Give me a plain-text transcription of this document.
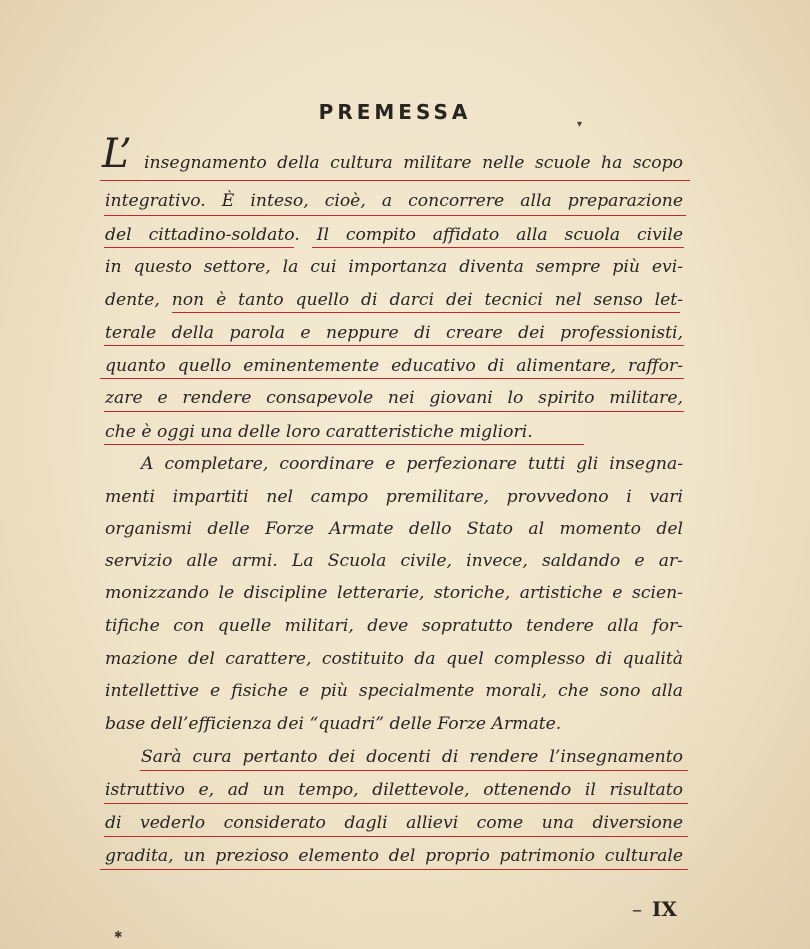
PREMESSA
L’ insegnamento della cultura militare nelle scuole ha scopo
integrativo. È inteso, cioè, a concorrere alla preparazione
del cittadino-soldato. Il compito affidato alla scuola civile
in questo settore, la cui importanza diventa sempre più evi-
dente, non è tanto quello di darci dei tecnici nel senso let-
terale della parola e neppure di creare dei professionisti,
quanto quello eminentemente educativo di alimentare, raffor-
zare e rendere consapevole nei giovani lo spirito militare,
che è oggi una delle loro caratteristiche migliori.
A completare, coordinare e perfezionare tutti gli insegna-
menti impartiti nel campo premilitare, provvedono i vari
organismi delle Forze Armate dello Stato al momento del
servizio alle armi. La Scuola civile, invece, saldando e ar-
monizzando le discipline letterarie, storiche, artistiche e scien-
tifiche con quelle militari, deve sopratutto tendere alla for-
mazione del carattere, costituito da quel complesso di qualità
intellettive e fisiche e più specialmente morali, che sono alla
base dell’efficienza dei “quadri” delle Forze Armate.
Sarà cura pertanto dei docenti di rendere l’insegnamento
istruttivo e, ad un tempo, dilettevole, ottenendo il risultato
di vederlo considerato dagli allievi come una diversione
gradita, un prezioso elemento del proprio patrimonio culturale
– IX
▾
✱
